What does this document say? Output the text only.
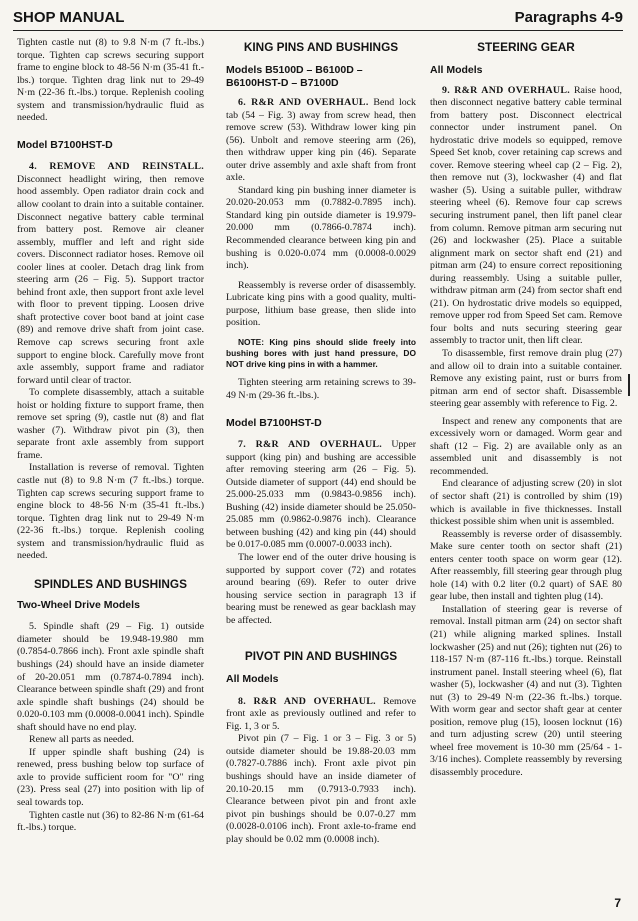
SHOP MANUAL	Paragraphs 4-9

Tighten castle nut (8) to 9.8 N·m (7 ft.-lbs.) torque. Tighten cap screws securing support frame to engine block to 48-56 N·m (35-41 ft.-lbs.) torque. Tighten drag link nut to 29-49 N·m (22-36 ft.-lbs.) torque. Replenish cooling system and transmission/hydraulic fluid as needed.

Model B7100HST-D

4. REMOVE AND REINSTALL. Disconnect headlight wiring, then remove hood assembly. Open radiator drain cock and allow coolant to drain into a suitable container. Disconnect negative battery cable terminal from battery post. Remove air cleaner assembly, muffler and left and right side covers. Disconnect radiator hoses. Remove oil cooler lines at cooler. Detach drag link from steering arm (26 – Fig. 5). Support tractor behind front axle, then support front axle level with floor to prevent tipping. Loosen drive shaft protective cover boot band at joint case (89) and remove drive shaft from joint case. Remove cap screws securing front axle support to engine block. Carefully move front axle assembly, support frame and radiator forward until clear of tractor.

To complete disassembly, attach a suitable hoist or holding fixture to support frame, then remove set spring (9), castle nut (8) and flat washer (7). Withdraw pivot pin (3), then separate front axle assembly from support frame.

Installation is reverse of removal. Tighten castle nut (8) to 9.8 N·m (7 ft.-lbs.) torque. Tighten cap screws securing support frame to engine block to 48-56 N·m (35-41 ft.-lbs.) torque. Tighten drag link nut to 29-49 N·m (22-36 ft.-lbs.) torque. Replenish cooling system and transmission/hydraulic fluid as needed.

SPINDLES AND BUSHINGS
Two-Wheel Drive Models

5. Spindle shaft (29 – Fig. 1) outside diameter should be 19.948-19.980 mm (0.7854-0.7866 inch). Front axle spindle shaft bushings (24) should have an inside diameter of 20-20.051 mm (0.7874-0.7894 inch). Clearance between spindle shaft (29) and front axle spindle shaft bushings (24) should be 0.020-0.103 mm (0.0008-0.0041 inch). Spindle shaft should have no end play.

Renew all parts as needed.

If upper spindle shaft bushing (24) is renewed, press bushing below top surface of axle to provide sufficient room for "O" ring (23). Press seal (27) into position with lip of seal towards top.

Tighten castle nut (36) to 82-86 N·m (61-64 ft.-lbs.) torque.

KING PINS AND BUSHINGS
Models B5100D – B6100D – B6100HST-D – B7100D

6. R&R AND OVERHAUL. Bend lock tab (54 – Fig. 3) away from screw head, then remove screw (53). Withdraw lower king pin (56). Unbolt and remove steering arm (26), then withdraw upper king pin (46). Separate outer drive assembly and axle shaft from front axle.

Standard king pin bushing inner diameter is 20.020-20.053 mm (0.7882-0.7895 inch). Standard king pin outside diameter is 19.979-20.000 mm (0.7866-0.7874 inch). Recommended clearance between king pin and bushing is 0.020-0.074 mm (0.0008-0.0029 inch).

Reassembly is reverse order of disassembly. Lubricate king pins with a good quality, multi-purpose, lithium base grease, then slide into position.

NOTE: King pins should slide freely into bushing bores with just hand pressure, DO NOT drive king pins in with a hammer.

Tighten steering arm retaining screws to 39-49 N·m (29-36 ft.-lbs.).

Model B7100HST-D

7. R&R AND OVERHAUL. Upper support (king pin) and bushing are accessible after removing steering arm (26 – Fig. 5). Outside diameter of support (44) end should be 25.000-25.033 mm (0.9843-0.9856 inch). Bushing (42) inside diameter should be 25.050-25.085 mm (0.9862-0.9876 inch). Clearance between bushing (42) and king pin (44) should be 0.017-0.085 mm (0.0007-0.0033 inch).

The lower end of the outer drive housing is supported by support cover (72) and rotates around bearing (69). Refer to outer drive housing service section in paragraph 13 if bearing must be renewed as gear backlash may be affected.

PIVOT PIN AND BUSHINGS
All Models

8. R&R AND OVERHAUL. Remove front axle as previously outlined and refer to Fig. 1, 3 or 5.

Pivot pin (7 – Fig. 1 or 3 – Fig. 3 or 5) outside diameter should be 19.88-20.03 mm (0.7827-0.7886 inch). Front axle pivot pin bushings should have an inside diameter of 20.10-20.15 mm (0.7913-0.7933 inch). Clearance between pivot pin and front axle pivot pin bushings should be 0.07-0.27 mm (0.0028-0.0106 inch). Front axle-to-frame end play should be 0.02 mm (0.0008 inch).

STEERING GEAR
All Models

9. R&R AND OVERHAUL. Raise hood, then disconnect negative battery cable terminal from battery post. Disconnect electrical connector under instrument panel. On hydrostatic drive models so equipped, remove Speed Set knob, cover retaining cap screws and cover. Remove steering wheel cap (2 – Fig. 2), then remove nut (3), lockwasher (4) and flat washer (5). Using a suitable puller, withdraw steering wheel (6). Remove four cap screws securing instrument panel, then lift panel clear from column. Remove pitman arm securing nut (26) and lockwasher (25). Place a suitable alignment mark on sector shaft end (21) and pitman arm (24) to ensure correct repositioning during reassembly. Using a suitable puller, withdraw pitman arm (24) from sector shaft end (21). On hydrostatic drive models so equipped, remove upper rod from Speed Set cam. Remove four bolts and nuts securing steering gear assembly to tractor unit, then lift clear.

To disassemble, first remove drain plug (27) and allow oil to drain into a suitable container. Remove any existing paint, rust or burrs from pitman arm end of sector shaft. Disassemble steering gear assembly with reference to Fig. 2.

Inspect and renew any components that are excessively worn or damaged. Worm gear and shaft (12 – Fig. 2) are available only as an assembled unit and disassembly is not recommended.

End clearance of adjusting screw (20) in slot of sector shaft (21) is controlled by shim (19) which is available in five thicknesses. Install thickest possible shim when unit is assembled.

Reassembly is reverse order of disassembly. Make sure center tooth on sector shaft (21) enters center tooth space on worm gear (12). After reassembly, fill steering gear through plug hole (14) with 0.2 liter (0.2 quart) of SAE 80 gear lube, then install and tighten plug (14).

Installation of steering gear is reverse of removal. Install pitman arm (24) on sector shaft (21) while aligning marked splines. Install lockwasher (25) and nut (26); tighten nut (26) to 118-157 N·m (87-116 ft.-lbs.) torque. Reinstall instrument panel. Install steering wheel (6), flat washer (5), lockwasher (4) and nut (3). Tighten nut (3) to 29-49 N·m (22-36 ft.-lbs.) torque. With worm gear and sector shaft gear at center position, remove plug (15), loosen locknut (16) and turn adjusting screw (20) until steering wheel free movement is 10-30 mm (25/64 - 1-3/16 inches). Complete reassembly by reversing disassembly procedure.

7
